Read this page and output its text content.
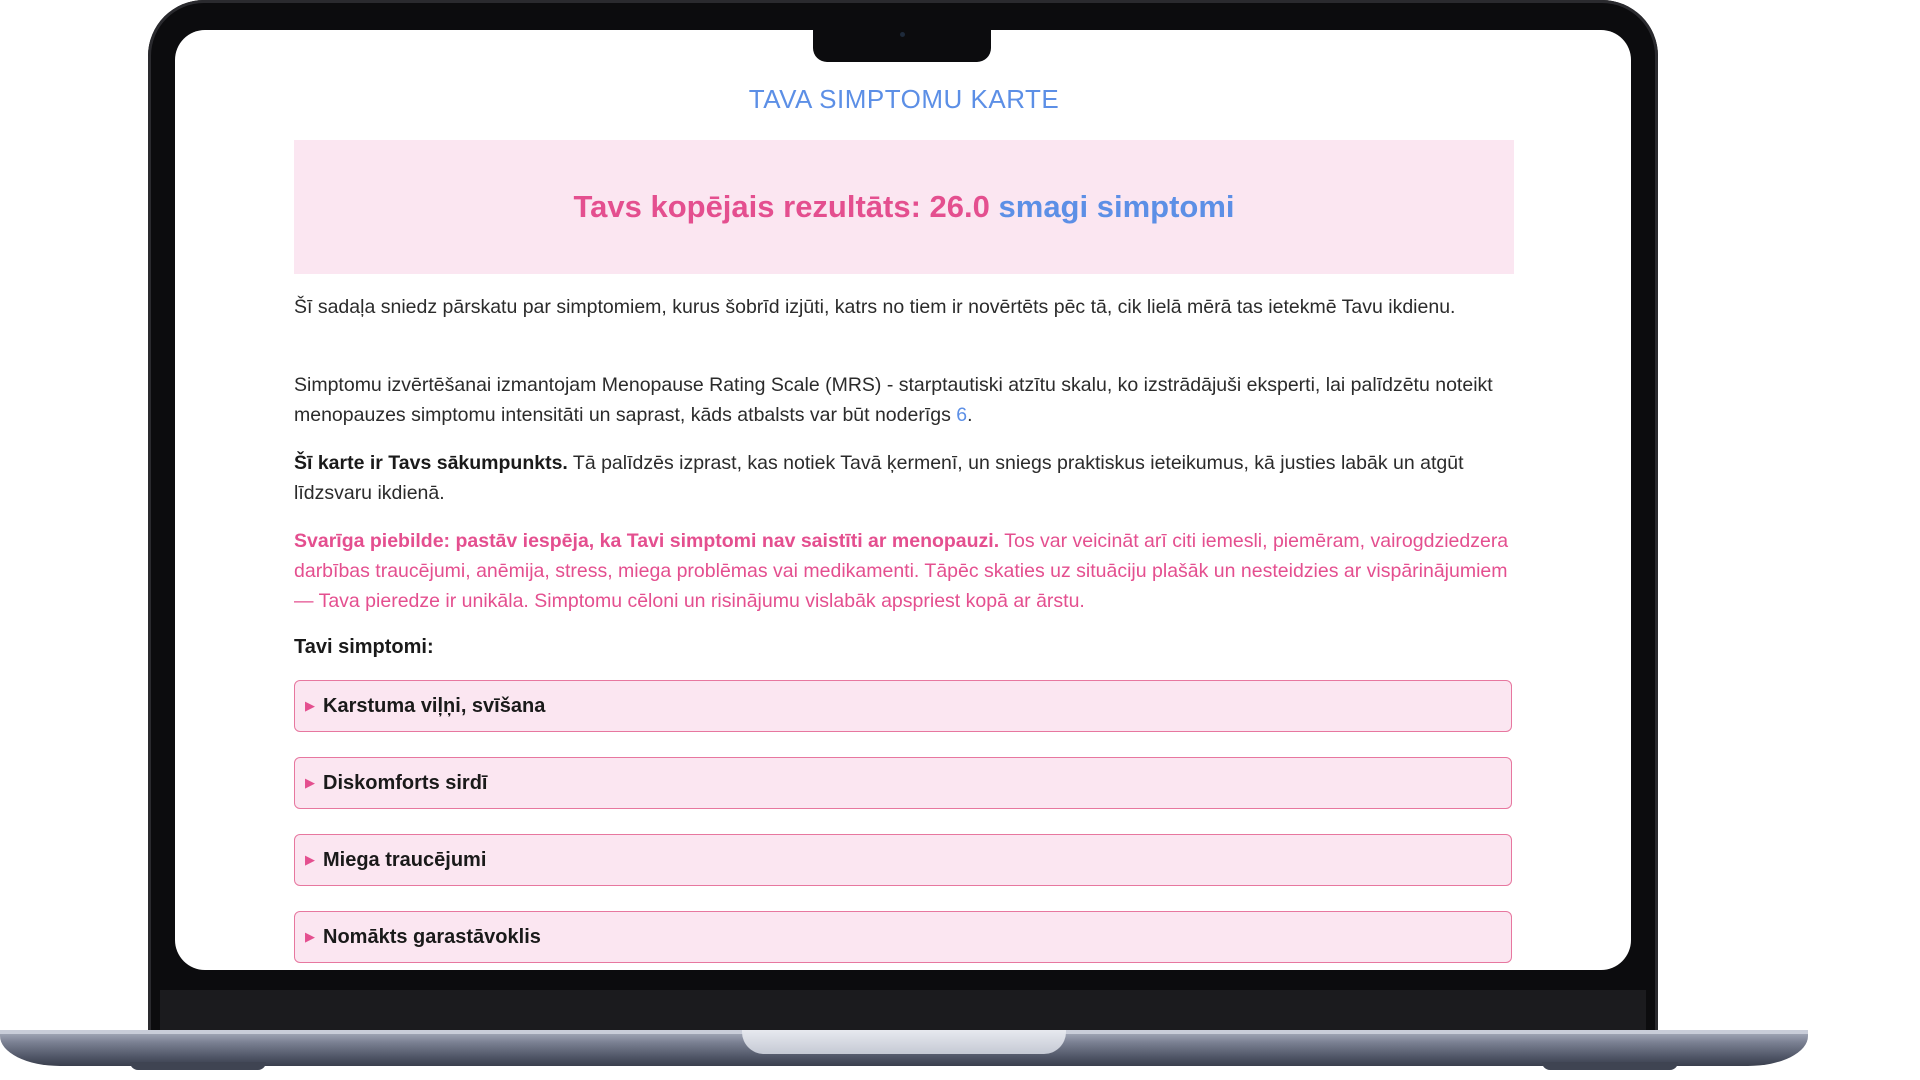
TAVA SIMPTOMU KARTE
Tavs kopējais rezultāts: 26.0 smagi simptomi

Šī sadaļa sniedz pārskatu par simptomiem, kurus šobrīd izjūti, katrs no tiem ir novērtēts pēc tā, cik lielā mērā tas ietekmē Tavu ikdienu.

Simptomu izvērtēšanai izmantojam Menopause Rating Scale (MRS) - starptautiski atzītu skalu, ko izstrādājuši eksperti, lai palīdzētu noteikt menopauzes simptomu intensitāti un saprast, kāds atbalsts var būt noderīgs 6.

Šī karte ir Tavs sākumpunkts. Tā palīdzēs izprast, kas notiek Tavā ķermenī, un sniegs praktiskus ieteikumus, kā justies labāk un atgūt līdzsvaru ikdienā.

Svarīga piebilde: pastāv iespēja, ka Tavi simptomi nav saistīti ar menopauzi. Tos var veicināt arī citi iemesli, piemēram, vairogdziedzera darbības traucējumi, anēmija, stress, miega problēmas vai medikamenti. Tāpēc skaties uz situāciju plašāk un nesteidzies ar vispārinājumiem — Tava pieredze ir unikāla. Simptomu cēloni un risinājumu vislabāk apspriest kopā ar ārstu.

Tavi simptomi:
▶ Karstuma viļņi, svīšana
▶ Diskomforts sirdī
▶ Miega traucējumi
▶ Nomākts garastāvoklis
